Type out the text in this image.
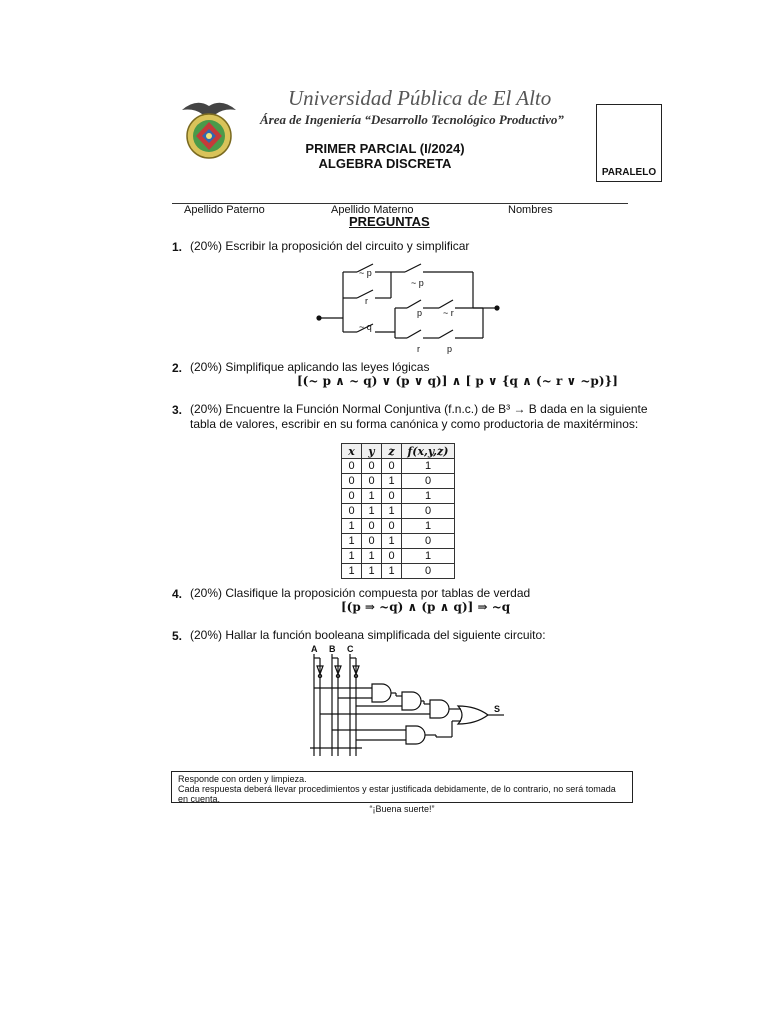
Universidad Pública de El Alto
Área de Ingeniería “Desarrollo Tecnológico Productivo”
PRIMER PARCIAL (I/2024)
ALGEBRA DISCRETA
PARALELO
Apellido Paterno	Apellido Materno	Nombres
PREGUNTAS
1. (20%) Escribir la proposición del circuito y simplificar
~ p
r
~ q
~ p
p ~ r
r	p
2. (20%) Simplifique aplicando las leyes lógicas
[(~ p ∧ ~ q) ∨ (p ∨ q)] ∧ [ p ∨ {q ∧ (~ r ∨ ~p)}]
3. (20%) Encuentre la Función Normal Conjuntiva (f.n.c.) de B³ → B dada en la siguiente
tabla de valores, escribir en su forma canónica y como productoria de maxitérminos:
x	y	z	f(x,y,z)
0	0	0	1
0	0	1	0
0	1	0	1
0	1	1	0
1	0	0	1
1	0	1	0
1	1	0	1
1	1	1	0
4. (20%) Clasifique la proposición compuesta por tablas de verdad
[(p ⇒ ~q) ∧ (p ∧ q)] ⇒ ~q
5. (20%) Hallar la función booleana simplificada del siguiente circuito:
A B C
S
Responde con orden y limpieza.
Cada respuesta deberá llevar procedimientos y estar justificada debidamente, de lo contrario, no será tomada en cuenta.
“¡Buena suerte!”
